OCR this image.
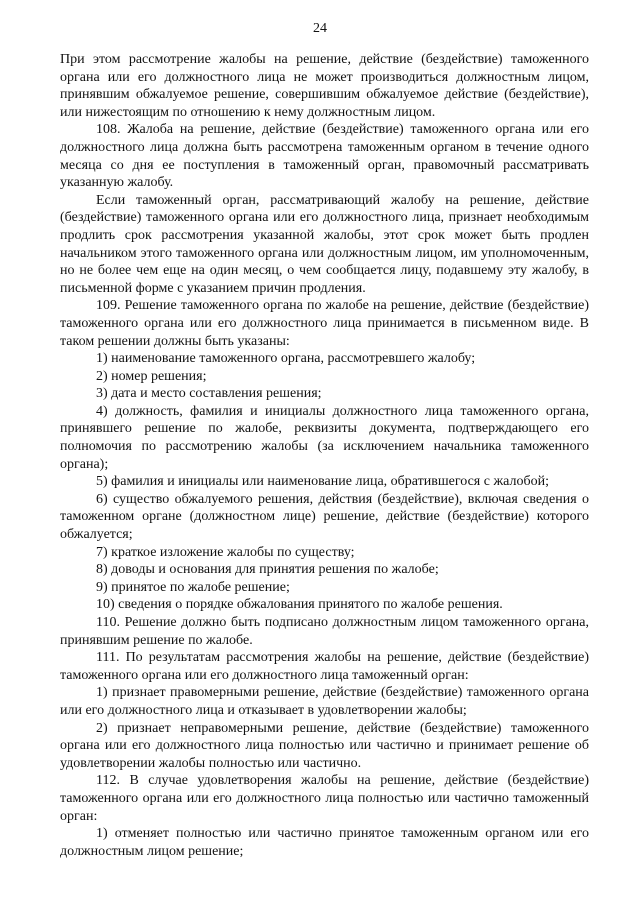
24

При этом рассмотрение жалобы на решение, действие (бездействие) таможенного органа или его должностного лица не может производиться должностным лицом, принявшим обжалуемое решение, совершившим обжалуемое действие (бездействие), или нижестоящим по отношению к нему должностным лицом.

108. Жалоба на решение, действие (бездействие) таможенного органа или его должностного лица должна быть рассмотрена таможенным органом в течение одного месяца со дня ее поступления в таможенный орган, правомочный рассматривать указанную жалобу.

Если таможенный орган, рассматривающий жалобу на решение, действие (бездействие) таможенного органа или его должностного лица, признает необходимым продлить срок рассмотрения указанной жалобы, этот срок может быть продлен начальником этого таможенного органа или должностным лицом, им уполномоченным, но не более чем еще на один месяц, о чем сообщается лицу, подавшему эту жалобу, в письменной форме с указанием причин продления.

109. Решение таможенного органа по жалобе на решение, действие (бездействие) таможенного органа или его должностного лица принимается в письменном виде. В таком решении должны быть указаны:

1) наименование таможенного органа, рассмотревшего жалобу;

2) номер решения;

3) дата и место составления решения;

4) должность, фамилия и инициалы должностного лица таможенного органа, принявшего решение по жалобе, реквизиты документа, подтверждающего его полномочия по рассмотрению жалобы (за исключением начальника таможенного органа);

5) фамилия и инициалы или наименование лица, обратившегося с жалобой;

6) существо обжалуемого решения, действия (бездействие), включая сведения о таможенном органе (должностном лице) решение, действие (бездействие) которого обжалуется;

7) краткое изложение жалобы по существу;

8) доводы и основания для принятия решения по жалобе;

9) принятое по жалобе решение;

10) сведения о порядке обжалования принятого по жалобе решения.

110. Решение должно быть подписано должностным лицом таможенного органа, принявшим решение по жалобе.

111. По результатам рассмотрения жалобы на решение, действие (бездействие) таможенного органа или его должностного лица таможенный орган:

1) признает правомерными решение, действие (бездействие) таможенного органа или его должностного лица и отказывает в удовлетворении жалобы;

2) признает неправомерными решение, действие (бездействие) таможенного органа или его должностного лица полностью или частично и принимает решение об удовлетворении жалобы полностью или частично.

112. В случае удовлетворения жалобы на решение, действие (бездействие) таможенного органа или его должностного лица полностью или частично таможенный орган:

1) отменяет полностью или частично принятое таможенным органом или его должностным лицом решение;
